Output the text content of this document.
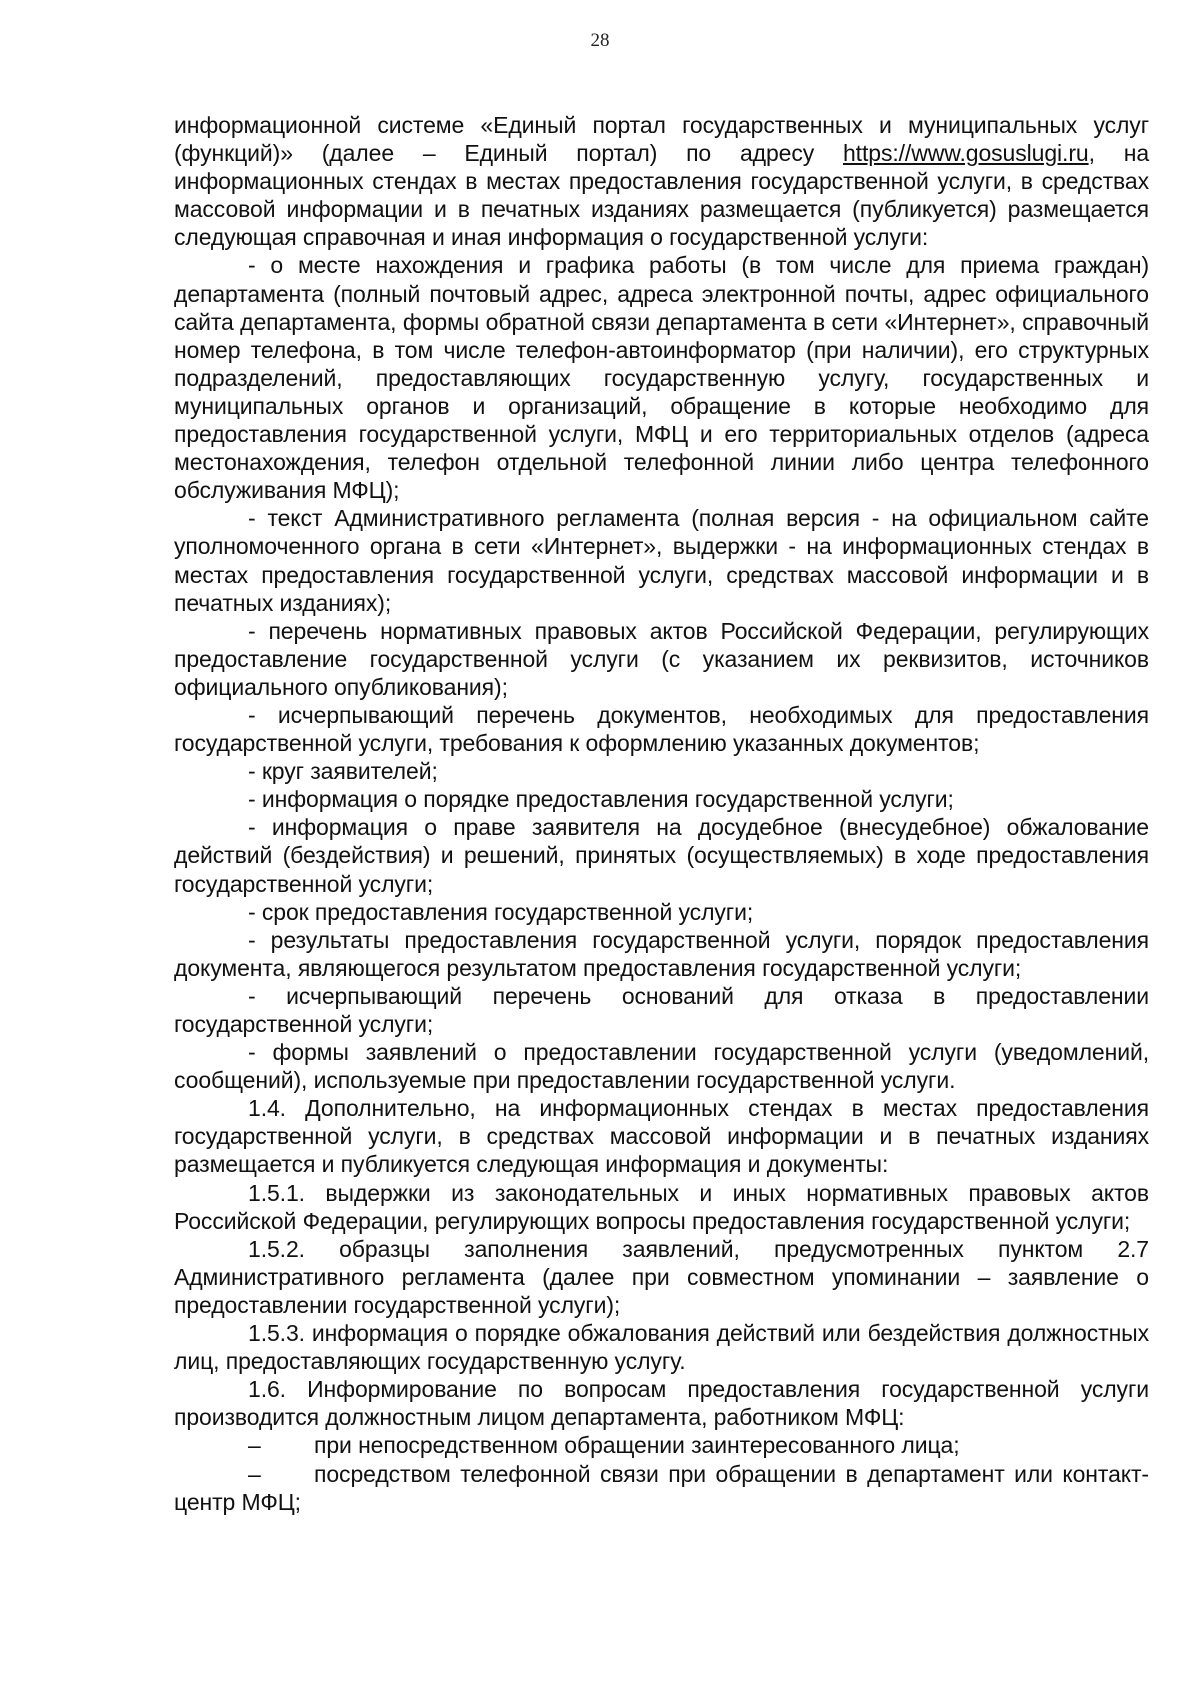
28

информационной системе «Единый портал государственных и муниципальных услуг (функций)» (далее – Единый портал) по адресу https://www.gosuslugi.ru, на информационных стендах в местах предоставления государственной услуги, в средствах массовой информации и в печатных изданиях размещается (публикуется) размещается следующая справочная и иная информация о государственной услуги:

- о месте нахождения и графика работы (в том числе для приема граждан) департамента (полный почтовый адрес, адреса электронной почты, адрес официального сайта департамента, формы обратной связи департамента в сети «Интернет», справочный номер телефона, в том числе телефон-автоинформатор (при наличии), его структурных подразделений, предоставляющих государственную услугу, государственных и муниципальных органов и организаций, обращение в которые необходимо для предоставления государственной услуги, МФЦ и его территориальных отделов (адреса местонахождения, телефон отдельной телефонной линии либо центра телефонного обслуживания МФЦ);

- текст Административного регламента (полная версия - на официальном сайте уполномоченного органа в сети «Интернет», выдержки - на информационных стендах в местах предоставления государственной услуги, средствах массовой информации и в печатных изданиях);

- перечень нормативных правовых актов Российской Федерации, регулирующих предоставление государственной услуги (с указанием их реквизитов, источников официального опубликования);

- исчерпывающий перечень документов, необходимых для предоставления государственной услуги, требования к оформлению указанных документов;

- круг заявителей;

- информация о порядке предоставления государственной услуги;

- информация о праве заявителя на досудебное (внесудебное) обжалование действий (бездействия) и решений, принятых (осуществляемых) в ходе предоставления государственной услуги;

- срок предоставления государственной услуги;

- результаты предоставления государственной услуги, порядок предоставления документа, являющегося результатом предоставления государственной услуги;

- исчерпывающий перечень оснований для отказа в предоставлении государственной услуги;

- формы заявлений о предоставлении государственной услуги (уведомлений, сообщений), используемые при предоставлении государственной услуги.

1.4. Дополнительно, на информационных стендах в местах предоставления государственной услуги, в средствах массовой информации и в печатных изданиях размещается и публикуется следующая информация и документы:

1.5.1. выдержки из законодательных и иных нормативных правовых актов Российской Федерации, регулирующих вопросы предоставления государственной услуги;

1.5.2. образцы заполнения заявлений, предусмотренных пунктом 2.7 Административного регламента (далее при совместном упоминании – заявление о предоставлении государственной услуги);

1.5.3. информация о порядке обжалования действий или бездействия должностных лиц, предоставляющих государственную услугу.

1.6. Информирование по вопросам предоставления государственной услуги производится должностным лицом департамента, работником МФЦ:

– при непосредственном обращении заинтересованного лица;

– посредством телефонной связи при обращении в департамент или контакт-центр МФЦ;
